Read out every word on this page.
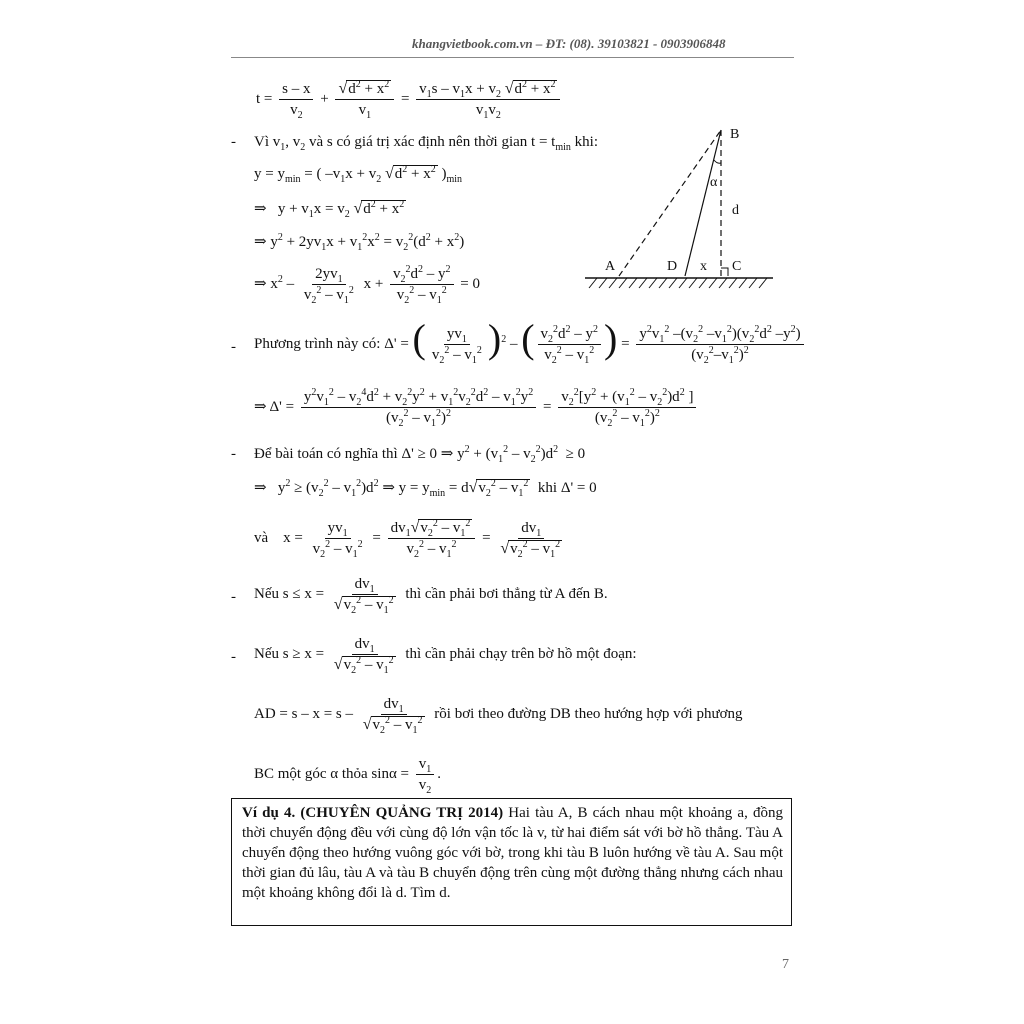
khangvietbook.com.vn – ĐT: (08). 39103821 - 0903906848
$t = \frac{s - x}{v_2} + \frac{√d^2 + x^2}{v_1} = \frac{v_1s - v_1x + v_2 √d^2 + x^2}{v_1v_2}$
- Vì $v_1$, $v_2$ và s có giá trị xác định nên thời gian $t = t_{min}$ khi:
$y = y_{min}$ = ( $-v_1x + v_2$ $√d^2 + x^2$ )$_{min}$
⇒   $y + v_1x = v_2$ $√d^2 + x^2$
⇒ $y^2 + 2yv_1x + v_1^2x^2 = v_2^2(d^2 + x^2)$
⇒ $x^2 - \frac{2yv_1}{v_2^2 - v_1^2}$ $x + \frac{v_2^2d^2 - y^2}{v_2^2 - v_1^2} = 0$
B
α
d
A	D x C
- Phương trình này có: Δ' = ( $\frac{yv_1}{v_2^2 - v_1^2} )^2$ – ( $\frac{v_2^2d^2 - y^2}{v_2^2 - v_1^2}$ ) = $\frac{y^2v_1^2 -(v_2^2 -v_1^2)(v_2^2d^2 -y^2)}{(v_2^2-v_1^2)^2}$
⇒ $\Delta' = \frac{y^2v_1^2 - v_2^4d^2 + v_2^2y^2 + v_1^2v_2^2d^2 - v_1^2y^2}{(v_2^2 - v_1^2)^2} = \frac{v_2^2[y^2 + (v_1^2 - v_2^2)d^2 ]}{(v_2^2 - v_1^2)^2}$
- Để bài toán có nghĩa thì Δ' ≥ 0 ⇒ $y^2 + (v_1^2 - v_2^2)d^2 \ge 0$
⇒   $y^2 \ge (v_2^2 - v_1^2)d^2$ ⇒ $y = y_{min} = d√v_2^2 - v_1^2$ khi Δ' = 0
và    $x = \frac{yv_1}{v_2^2 - v_1^2} = \frac{dv_1√v_2^2 - v_1^2}{v_2^2 - v_1^2} = \frac{dv_1}{√v_2^2 - v_1^2}$
- Nếu $s \le x = \frac{dv_1}{√v_2^2 - v_1^2}$ thì cần phải bơi thẳng từ A đến B.
- Nếu $s \ge x = \frac{dv_1}{√v_2^2 - v_1^2}$ thì cần phải chạy trên bờ hồ một đoạn:
AD = $s - x = s - \frac{dv_1}{√v_2^2 - v_1^2}$ rồi bơi theo đường DB theo hướng hợp với phương
BC một góc α thỏa $\sin\alpha = \frac{v_1}{v_2}$ .
Ví dụ 4. (CHUYÊN QUẢNG TRỊ 2014) Hai tàu A, B cách nhau một khoảng a, đồng thời chuyển động đều với cùng độ lớn vận tốc là v, từ hai điểm sát với bờ hồ thẳng. Tàu A chuyển động theo hướng vuông góc với bờ, trong khi tàu B luôn hướng về tàu A. Sau một thời gian đủ lâu, tàu A và tàu B chuyển động trên cùng một đường thẳng nhưng cách nhau một khoảng không đổi là d. Tìm d.
7
